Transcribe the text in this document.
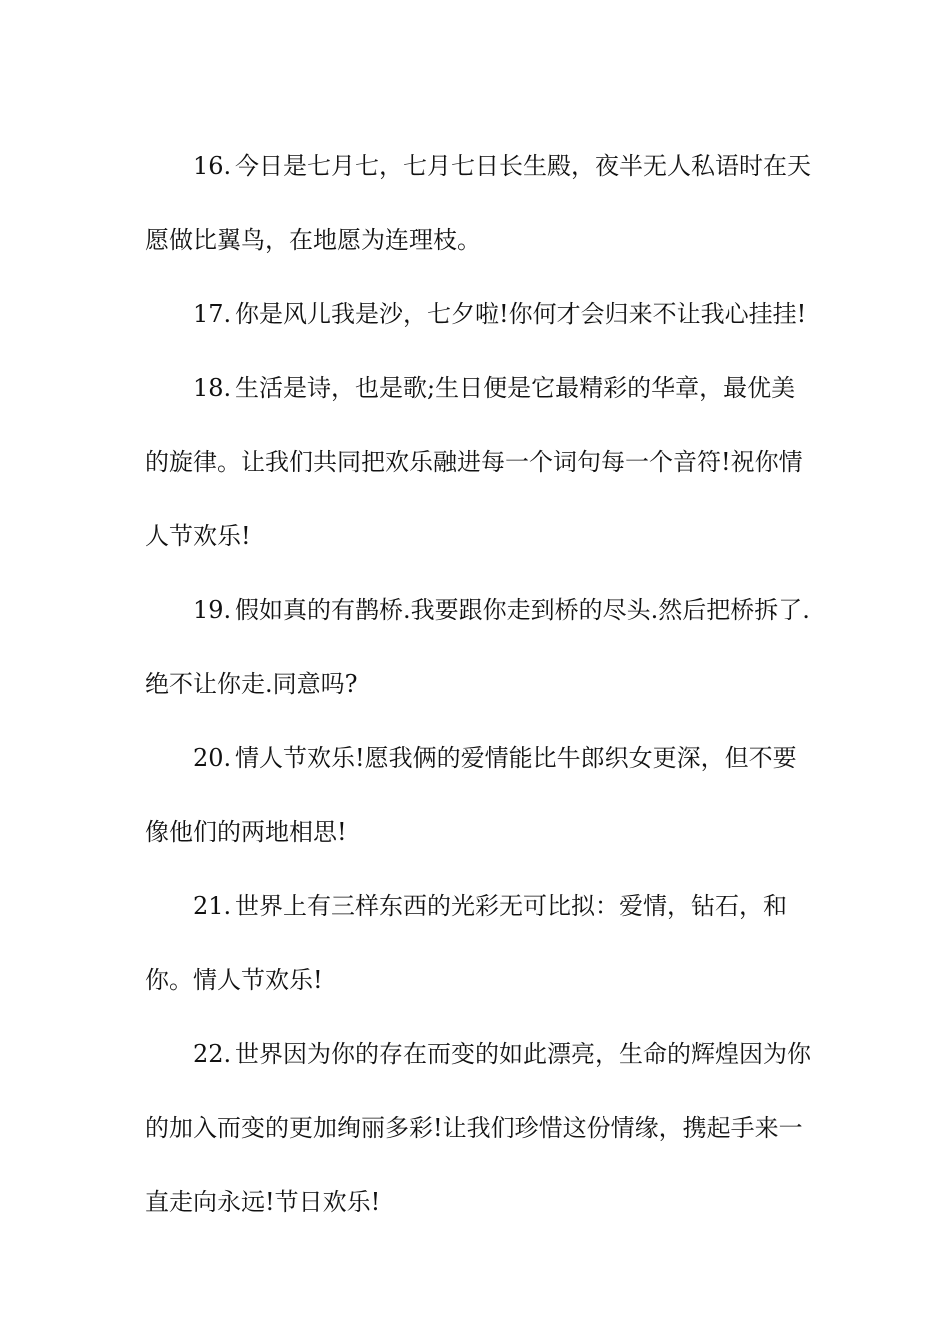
16. 今日是七月七，七月七日长生殿，夜半无人私语时在天愿做比翼鸟，在地愿为连理枝。

17. 你是风儿我是沙，七夕啦!你何才会归来不让我心挂挂!

18. 生活是诗，也是歌;生日便是它最精彩的华章，最优美的旋律。让我们共同把欢乐融进每一个词句每一个音符!祝你情人节欢乐!

19. 假如真的有鹊桥.我要跟你走到桥的尽头.然后把桥拆了.绝不让你走.同意吗?

20. 情人节欢乐!愿我俩的爱情能比牛郎织女更深，但不要像他们的两地相思!

21. 世界上有三样东西的光彩无可比拟：爱情，钻石，和你。情人节欢乐!

22. 世界因为你的存在而变的如此漂亮，生命的辉煌因为你的加入而变的更加绚丽多彩!让我们珍惜这份情缘，携起手来一直走向永远!节日欢乐!
